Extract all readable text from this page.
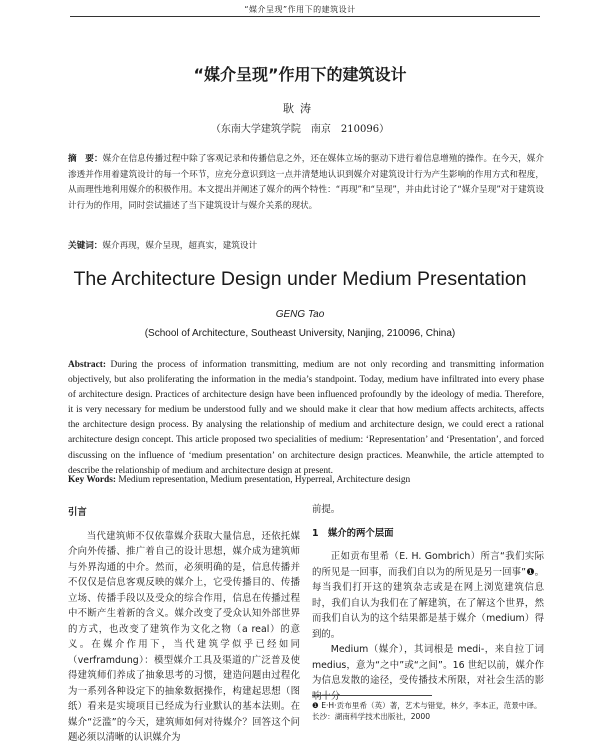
“媒介呈现”作用下的建筑设计
“媒介呈现”作用下的建筑设计
耿涛
（东南大学建筑学院　南京　210096）
摘　要：媒介在信息传播过程中除了客观记录和传播信息之外，还在媒体立场的驱动下进行着信息增殖的操作。在今天，媒介渗透并作用着建筑设计的每一个环节，应充分意识到这一点并清楚地认识到媒介对建筑设计行为产生影响的作用方式和程度，从而理性地利用媒介的积极作用。本文提出并阐述了媒介的两个特性：“再现”和“呈现”，并由此讨论了“媒介呈现”对于建筑设计行为的作用，同时尝试描述了当下建筑设计与媒介关系的现状。
关键词：媒介再现，媒介呈现，超真实，建筑设计
The Architecture Design under Medium Presentation
GENG Tao
(School of Architecture, Southeast University, Nanjing, 210096, China)
Abstract: During the process of information transmitting, medium are not only recording and transmitting information objectively, but also proliferating the information in the media’s standpoint. Today, medium have infiltrated into every phase of architecture design. Practices of architecture design have been influenced profoundly by the ideology of media. Therefore, it is very necessary for medium be understood fully and we should make it clear that how medium affects architects, affects the architecture design process. By analysing the relationship of medium and architecture design, we could erect a rational architecture design concept. This article proposed two specialities of medium: ‘Representation’ and ‘Presentation’, and forced discussing on the influence of ‘medium presentation’ on architecture design practices. Meanwhile, the article attempted to describe the relationship of medium and architecture design at present.
Key Words: Medium representation, Medium presentation, Hyperreal, Architecture design

引言

当代建筑师不仅依靠媒介获取大量信息，还依托媒介向外传播、推广着自己的设计思想，媒介成为建筑师与外界沟通的中介。然而，必须明确的是，信息传播并不仅仅是信息客观反映的媒介上，它受传播目的、传播立场、传播手段以及受众的综合作用，信息在传播过程中不断产生着新的含义。媒介改变了受众认知外部世界的方式，也改变了建筑作为文化之物（a real）的意义。在媒介作用下，当代建筑学似乎已经如同（verframdung）：模型媒介工具及渠道的广泛普及使得建筑师们养成了抽象思考的习惯，建造问题由过程化为一系列各种设定下的抽象数据操作，构建起思想（图纸）看来是实境项目已经成为行业默认的基本法则。在媒介“泛滥”的今天，建筑师如何对待媒介？回答这个问题必须以清晰的认识媒介为

前提。

1　媒介的两个层面

正如贡布里希（E. H. Gombrich）所言“我们实际的所见是一回事，而我们自以为的所见是另一回事”❶。每当我们打开这的建筑杂志或是在网上浏览建筑信息时，我们自认为我们在了解建筑，在了解这个世界，然而我们自认为的这个结果都是基于媒介（medium）得到的。

Medium（媒介），其词根是 medi-，来自拉丁词 medius，意为“之中”或“之间”。16 世纪以前，媒介作为信息发散的途径，受传播技术所限，对社会生活的影响十分

❶ E·H·贡布里希（英）著，艺术与错觉，林夕，李本正，范景中译。长沙：湖南科学技术出版社，2000
